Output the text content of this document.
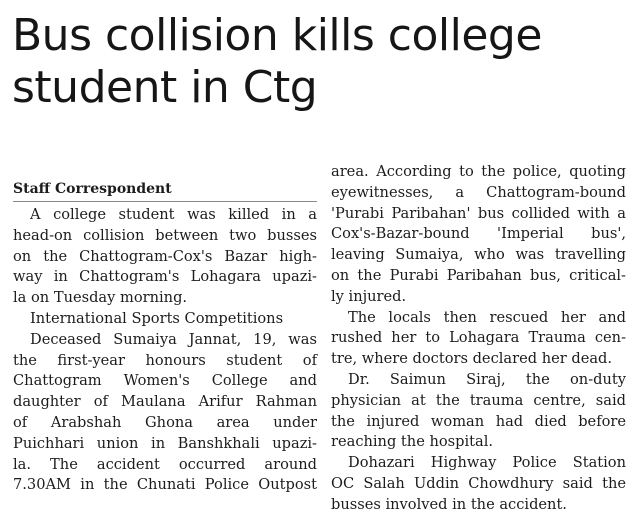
Bus collision kills college
student in Ctg
Staff Correspondent
A college student was killed in a
head-on collision between two busses
on the Chattogram-Cox's Bazar high-
way in Chattogram's Lohagara upazi-
la on Tuesday morning.
International Sports Competitions
Deceased Sumaiya Jannat, 19, was
the first-year honours student of
Chattogram Women's College and
daughter of Maulana Arifur Rahman
of Arabshah Ghona area under
Puichhari union in Banshkhali upazi-
la. The accident occurred around
7.30AM in the Chunati Police Outpost
area. According to the police, quoting
eyewitnesses, a Chattogram-bound
'Purabi Paribahan' bus collided with a
Cox's-Bazar-bound 'Imperial bus',
leaving Sumaiya, who was travelling
on the Purabi Paribahan bus, critical-
ly injured.
The locals then rescued her and
rushed her to Lohagara Trauma cen-
tre, where doctors declared her dead.
Dr. Saimun Siraj, the on-duty
physician at the trauma centre, said
the injured woman had died before
reaching the hospital.
Dohazari Highway Police Station
OC Salah Uddin Chowdhury said the
busses involved in the accident.
